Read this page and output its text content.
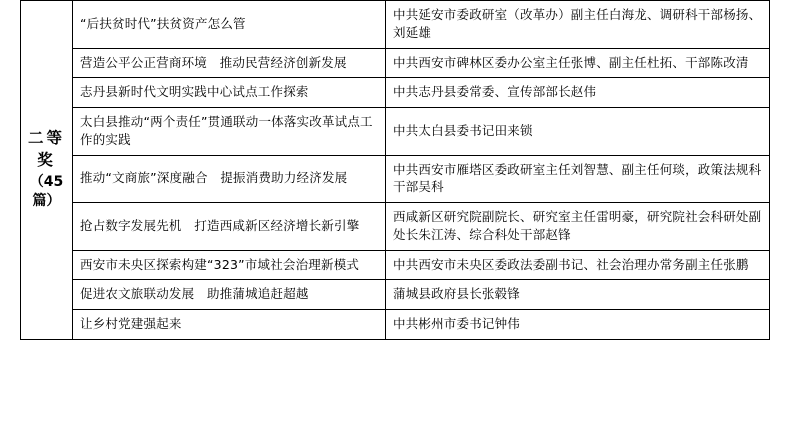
二等奖
（45 篇）	“后扶贫时代”扶贫资产怎么管	中共延安市委政研室（改革办）副主任白海龙、调研科干部杨扬、刘延雄
	营造公平公正营商环境　推动民营经济创新发展	中共西安市碑林区委办公室主任张博、副主任杜拓、干部陈改清
	志丹县新时代文明实践中心试点工作探索	中共志丹县委常委、宣传部部长赵伟
	太白县推动“两个责任”贯通联动一体落实改革试点工作的实践	中共太白县委书记田来锁
	推动“文商旅”深度融合　提振消费助力经济发展	中共西安市雁塔区委政研室主任刘智慧、副主任何琰，政策法规科干部吴科
	抢占数字发展先机　打造西咸新区经济增长新引擎	西咸新区研究院副院长、研究室主任雷明豪，研究院社会科研处副处长朱江涛、综合科处干部赵锋
	西安市未央区探索构建“323”市域社会治理新模式	中共西安市未央区委政法委副书记、社会治理办常务副主任张鹏
	促进农文旅联动发展　助推蒲城追赶超越	蒲城县政府县长张毂锋
	让乡村党建强起来	中共彬州市委书记钟伟
